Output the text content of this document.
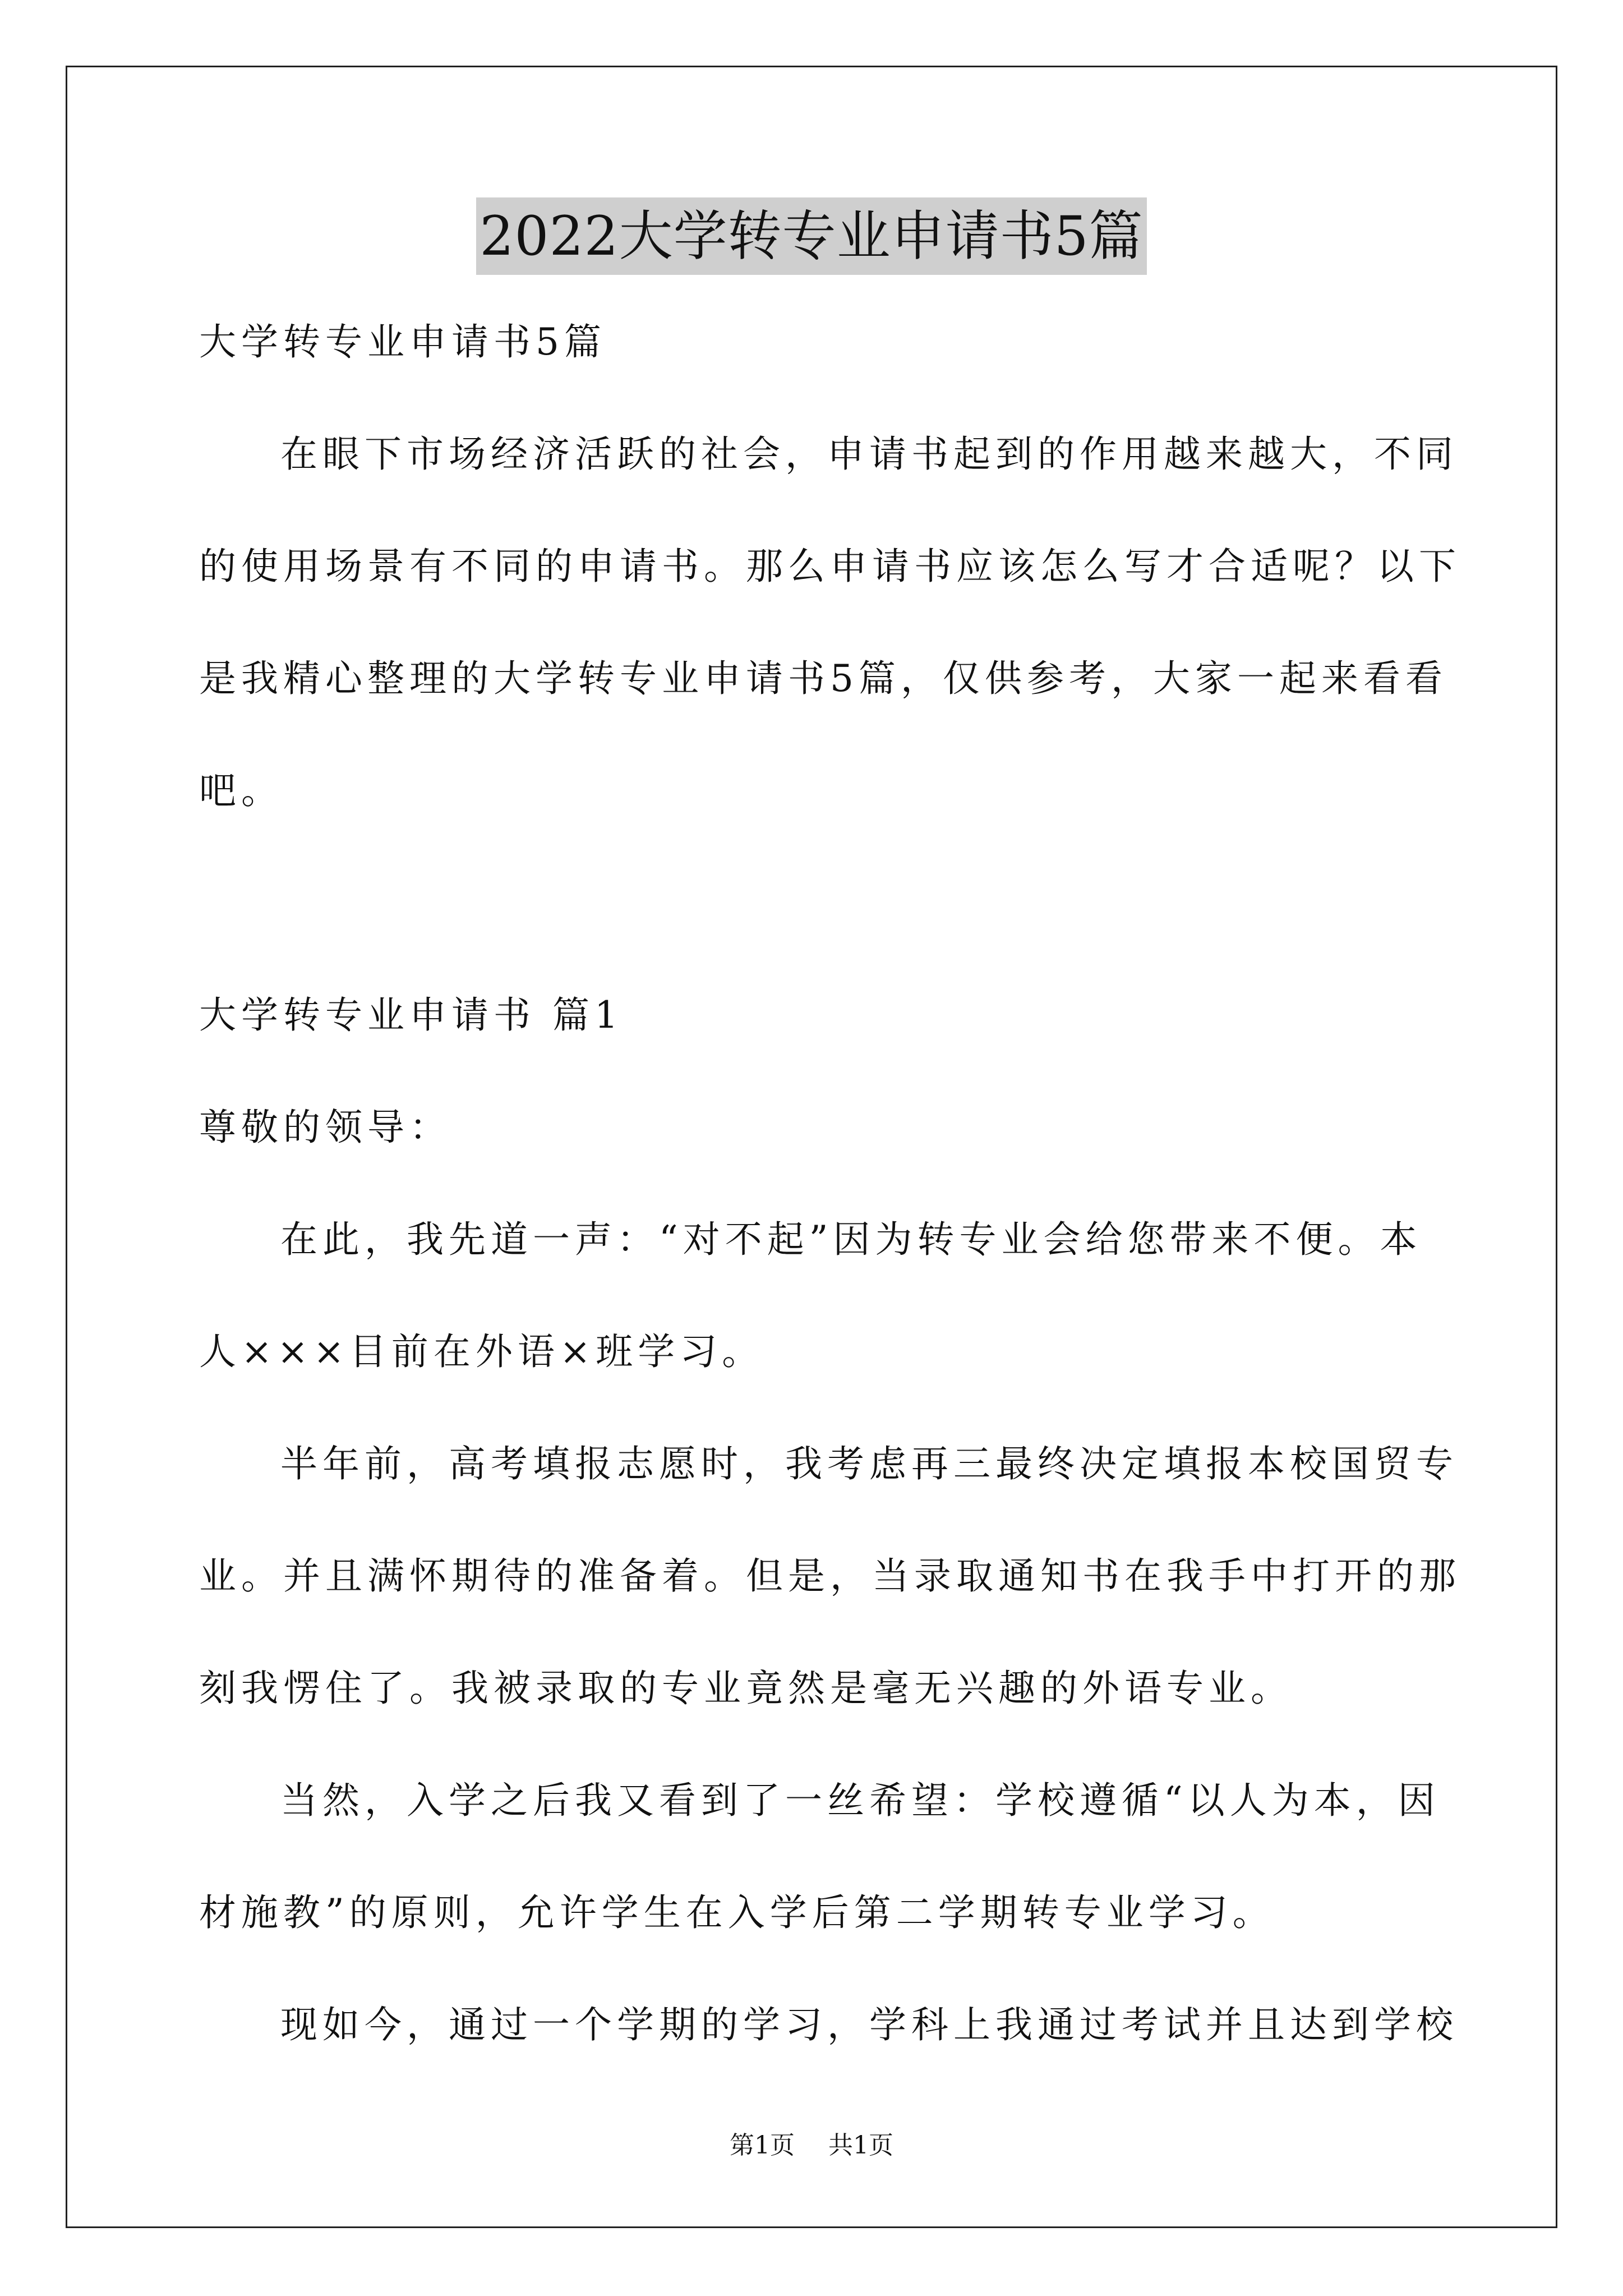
2022大学转专业申请书5篇
大学转专业申请书5篇
在眼下市场经济活跃的社会，申请书起到的作用越来越大，不同
的使用场景有不同的申请书。那么申请书应该怎么写才合适呢？以下
是我精心整理的大学转专业申请书5篇，仅供参考，大家一起来看看
吧。
大学转专业申请书 篇1
尊敬的领导：
在此，我先道一声：“对不起”因为转专业会给您带来不便。本
人×××目前在外语×班学习。
半年前，高考填报志愿时，我考虑再三最终决定填报本校国贸专
业。并且满怀期待的准备着。但是，当录取通知书在我手中打开的那
刻我愣住了。我被录取的专业竟然是毫无兴趣的外语专业。
当然，入学之后我又看到了一丝希望：学校遵循“以人为本，因
材施教”的原则，允许学生在入学后第二学期转专业学习。
现如今，通过一个学期的学习，学科上我通过考试并且达到学校
第1页 共1页
